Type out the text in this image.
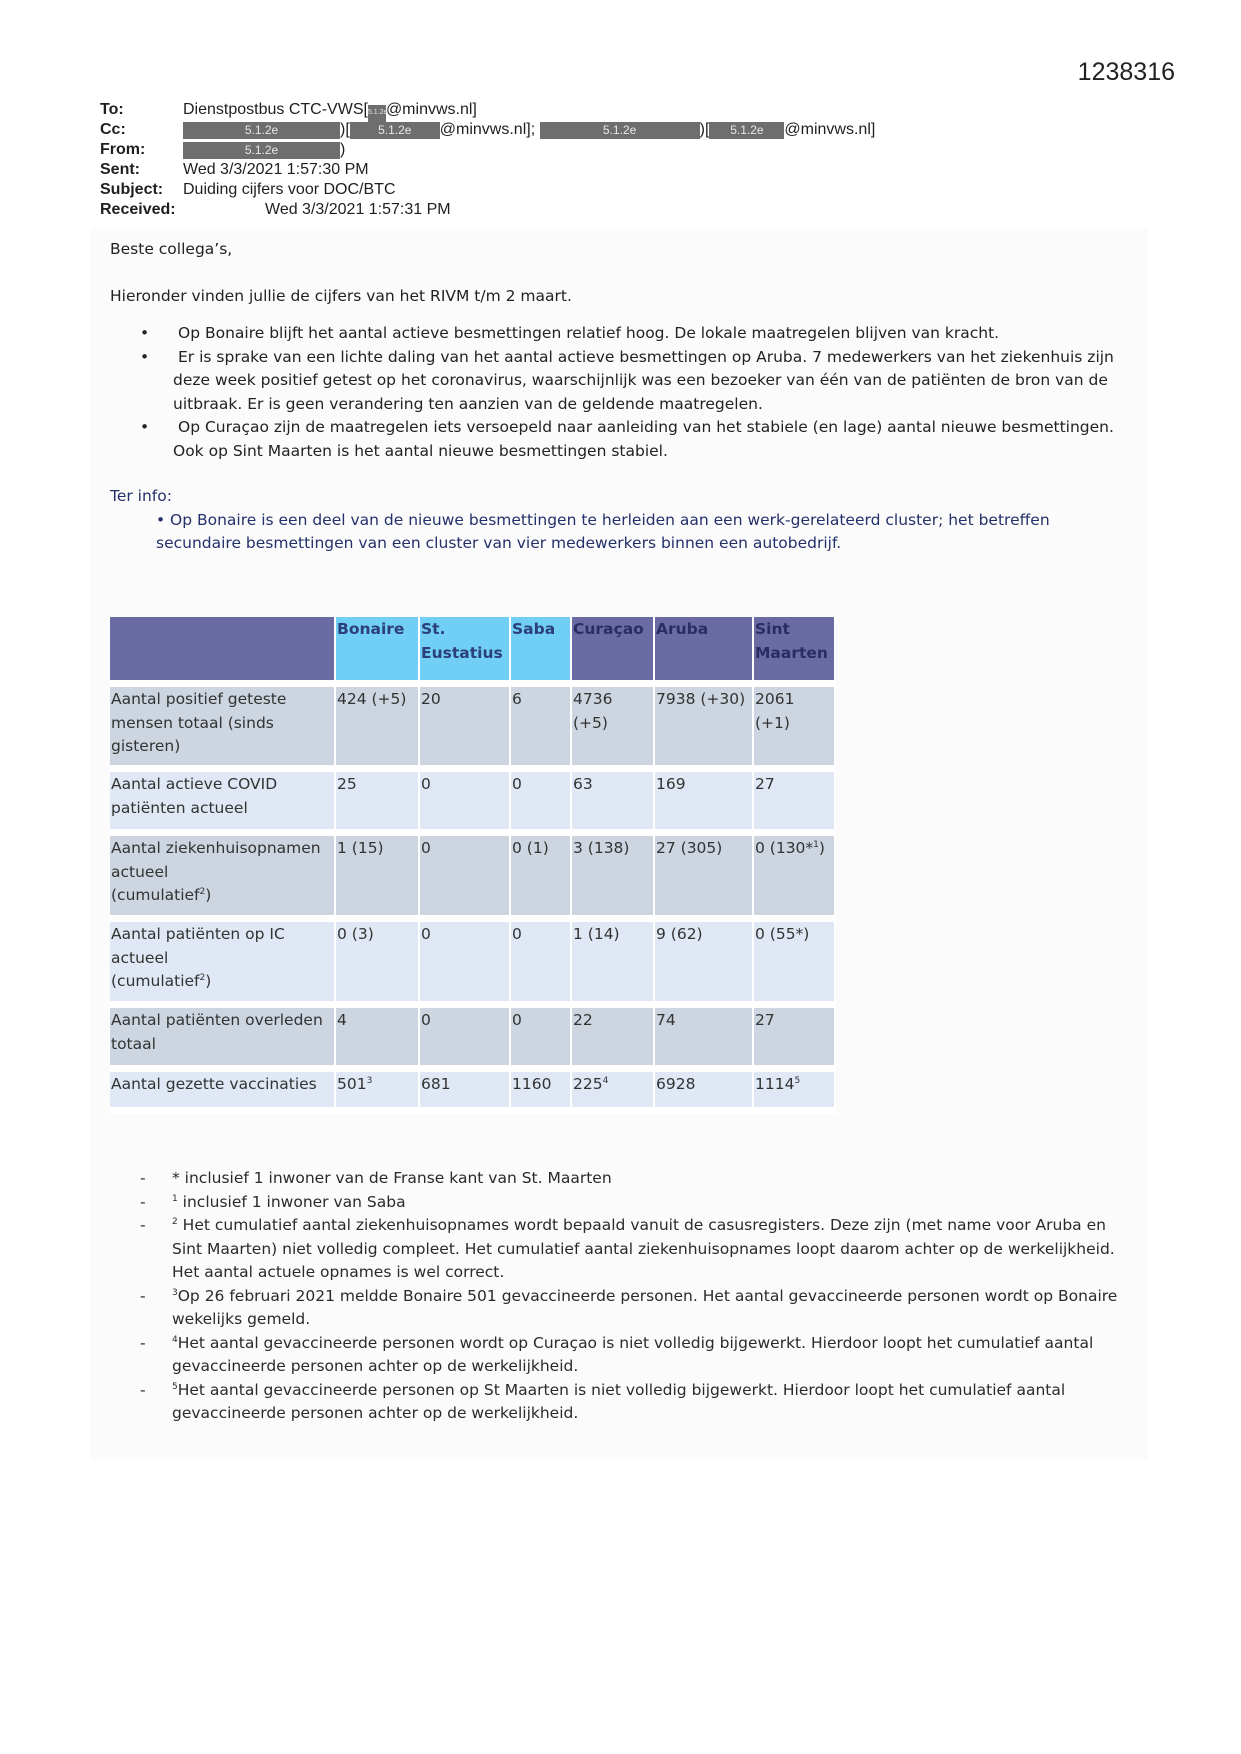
1238316
To:	Dienstpostbus CTC-VWS[5.1.2e@minvws.nl]
Cc:	5.1.2e	)[ 5.1.2e @minvws.nl];	5.1.2e	)[ 5.1.2e @minvws.nl]
From:	5.1.2e	)
Sent:	Wed 3/3/2021 1:57:30 PM
Subject: Duiding cijfers voor DOC/BTC
Received:	Wed 3/3/2021 1:57:31 PM

Beste collega’s,

Hieronder vinden jullie de cijfers van het RIVM t/m 2 maart.

•	Op Bonaire blijft het aantal actieve besmettingen relatief hoog. De lokale maatregelen blijven van kracht.
•	Er is sprake van een lichte daling van het aantal actieve besmettingen op Aruba. 7 medewerkers van het ziekenhuis zijn deze week positief getest op het coronavirus, waarschijnlijk was een bezoeker van één van de patiënten de bron van de uitbraak. Er is geen verandering ten aanzien van de geldende maatregelen.
•	Op Curaçao zijn de maatregelen iets versoepeld naar aanleiding van het stabiele (en lage) aantal nieuwe besmettingen. Ook op Sint Maarten is het aantal nieuwe besmettingen stabiel.
Ter info:
• Op Bonaire is een deel van de nieuwe besmettingen te herleiden aan een werk-gerelateerd cluster; het betreffen secundaire besmettingen van een cluster van vier medewerkers binnen een autobedrijf.
	Bonaire	St. Eustatius	Saba	Curaçao	Aruba	Sint Maarten
Aantal positief geteste mensen totaal (sinds gisteren)	424 (+5)	20	6	4736 (+5)	7938 (+30)	2061 (+1)
Aantal actieve COVID patiënten actueel	25	0	0	63	169	27
Aantal ziekenhuisopnamen actueel
(cumulatief$^2$)	1 (15)	0	0 (1)	3 (138)	27 (305)	0 (130*$^1$)
Aantal patiënten op IC actueel
(cumulatief$^2$)	0 (3)	0	0	1 (14)	9 (62)	0 (55*)
Aantal patiënten overleden totaal	4	0	0	22	74	27
Aantal gezette vaccinaties	$501^3$	681	1160	$225^4$	6928	1114$^5$
- * inclusief 1 inwoner van de Franse kant van St. Maarten
-	$^1$ inclusief 1 inwoner van Saba
-	$^2$ Het cumulatief aantal ziekenhuisopnames wordt bepaald vanuit de casusregisters. Deze zijn (met name voor Aruba en Sint Maarten) niet volledig compleet. Het cumulatief aantal ziekenhuisopnames loopt daarom achter op de werkelijkheid. Het aantal actuele opnames is wel correct.
-	$^3$Op 26 februari 2021 meldde Bonaire 501 gevaccineerde personen. Het aantal gevaccineerde personen wordt op Bonaire wekelijks gemeld.
-	$^4$Het aantal gevaccineerde personen wordt op Curaçao is niet volledig bijgewerkt. Hierdoor loopt het cumulatief aantal gevaccineerde personen achter op de werkelijkheid.
-	$^5$Het aantal gevaccineerde personen op St Maarten is niet volledig bijgewerkt. Hierdoor loopt het cumulatief aantal gevaccineerde personen achter op de werkelijkheid.
